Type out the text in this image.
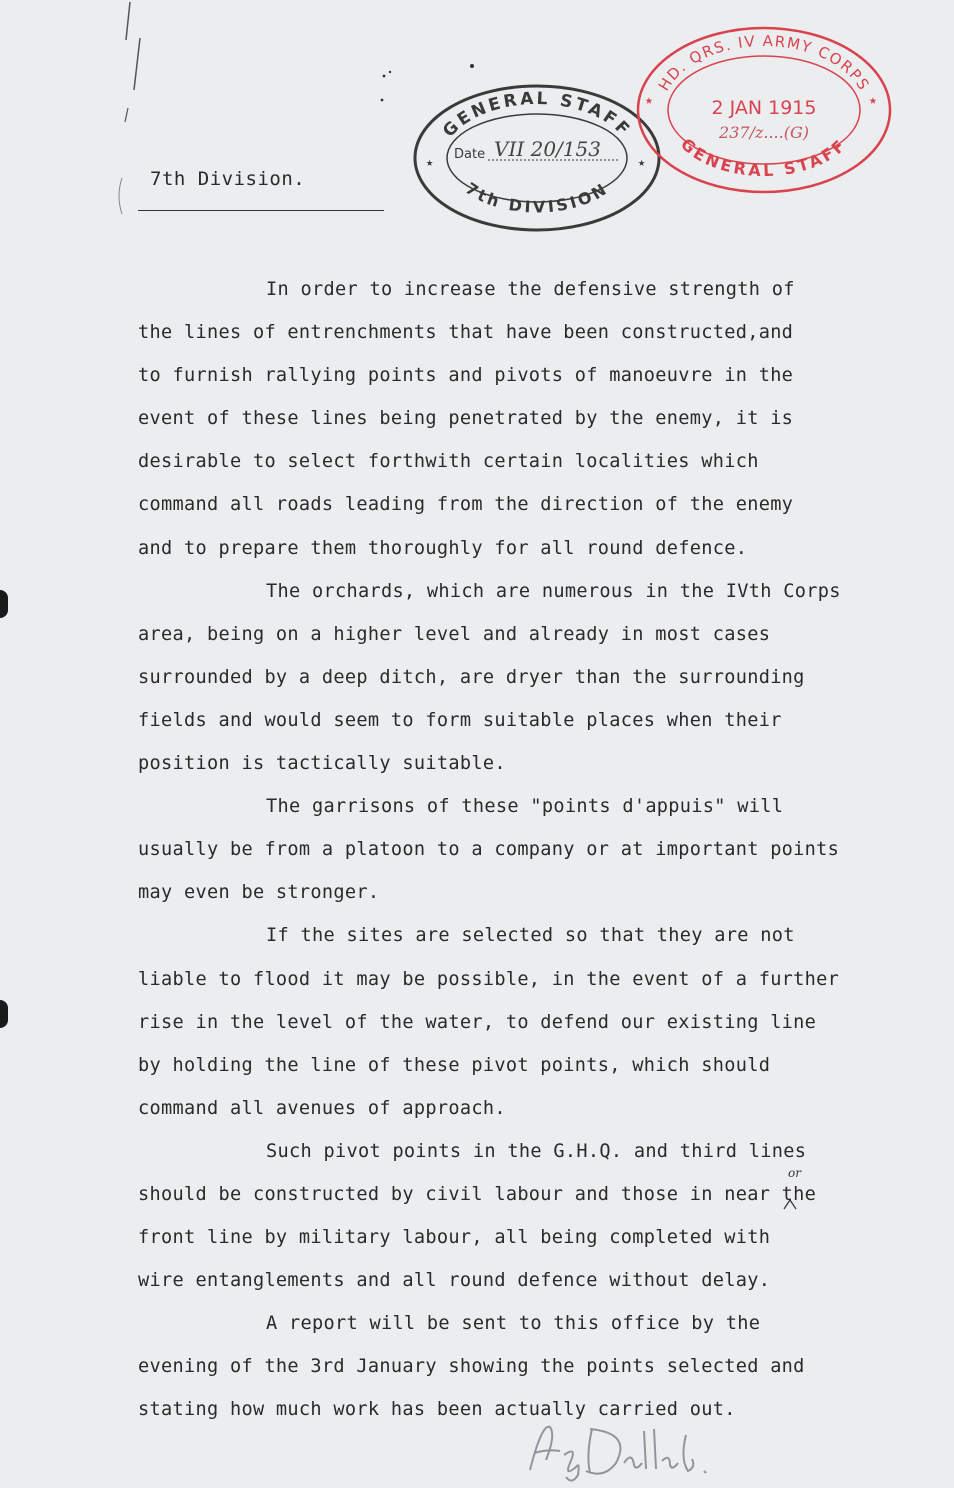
7th Division.
GENERAL STAFF
7th DIVISION
★	★
Date VII 20/153
HD. QRS. IV ARMY CORPS
GENERAL STAFF
★	★
2 JAN 1915
237/z....(G)
In order to increase the defensive strength of
the lines of entrenchments that have been constructed,and
to furnish rallying points and pivots of manoeuvre in the
event of these lines being penetrated by the enemy, it is
desirable to select forthwith certain localities which
command all roads leading from the direction of the enemy
and to prepare them thoroughly for all round defence.
The orchards, which are numerous in the IVth Corps
area, being on a higher level and already in most cases
surrounded by a deep ditch, are dryer than the surrounding
fields and would seem to form suitable places when their
position is tactically suitable.
The garrisons of these "points d'appuis" will
usually be from a platoon to a company or at important points
may even be stronger.
If the sites are selected so that they are not
liable to flood it may be possible, in the event of a further
rise in the level of the water, to defend our existing line
by holding the line of these pivot points, which should
command all avenues of approach.
Such pivot points in the G.H.Q. and third lines
should be constructed by civil labour and those in near the
front line by military labour, all being completed with
wire entanglements and all round defence without delay.
A report will be sent to this office by the
evening of the 3rd January showing the points selected and
stating how much work has been actually carried out.
or
